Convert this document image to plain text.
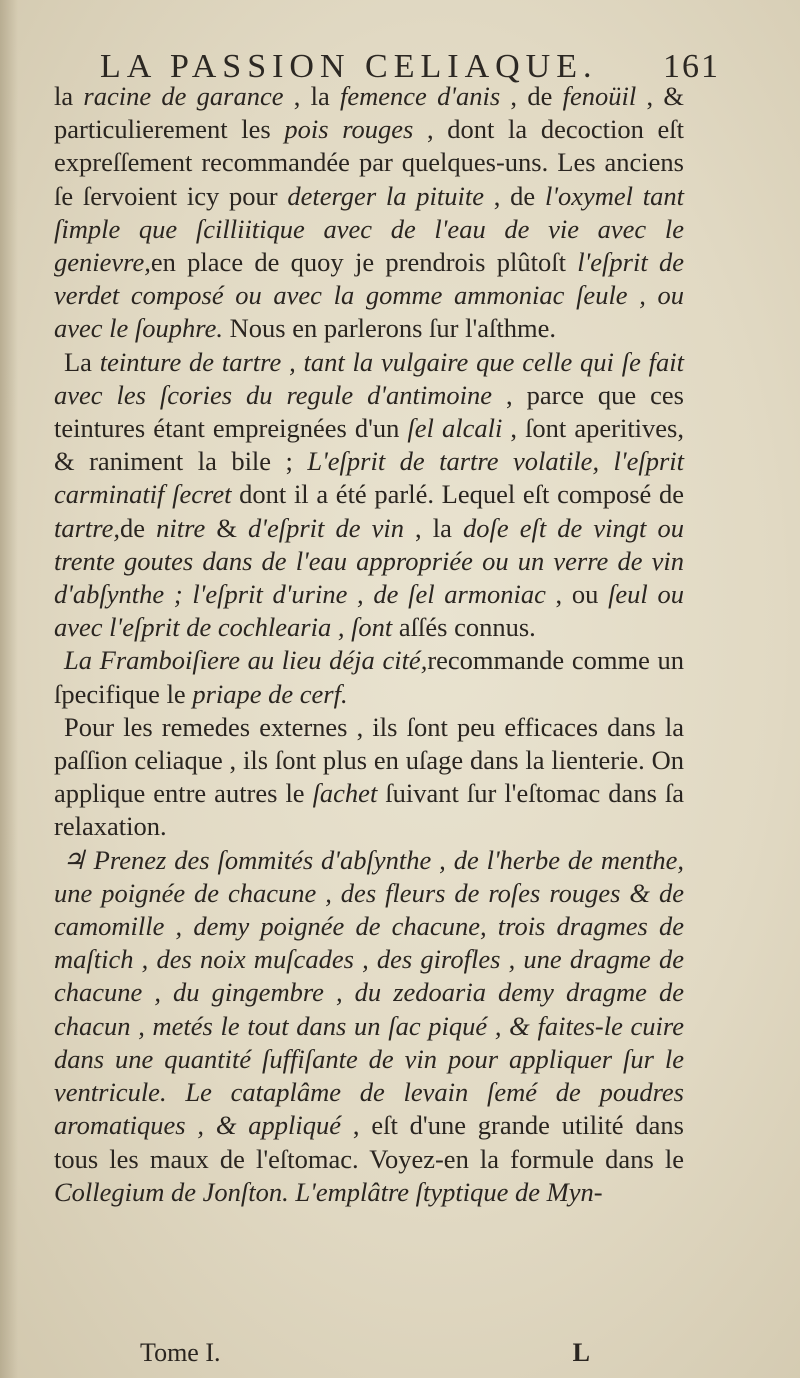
LA PASSION CELIAQUE. 161

la racine de garance , la femence d'anis , de fenoüil , & particulierement les pois rouges , dont la decoction eſt expreſſement recommandée par quelques-uns. Les anciens ſe ſervoient icy pour deterger la pituite , de l'oxymel tant ſimple que ſcilliitique avec de l'eau de vie avec le genievre,en place de quoy je prendrois plûtoſt l'eſprit de verdet composé ou avec la gomme ammoniac ſeule , ou avec le ſouphre. Nous en parlerons ſur l'aſthme.

La teinture de tartre , tant la vulgaire que celle qui ſe fait avec les ſcories du regule d'antimoine , parce que ces teintures étant empreignées d'un ſel alcali , ſont aperitives, & raniment la bile ; L'eſprit de tartre volatile, l'eſprit carminatif ſecret dont il a été parlé. Lequel eſt composé de tartre,de nitre & d'eſprit de vin , la doſe eſt de vingt ou trente goutes dans de l'eau appropriée ou un verre de vin d'abſynthe ; l'eſprit d'urine , de ſel armoniac , ou ſeul ou avec l'eſprit de cochlearia , ſont aſſés connus.

La Framboiſiere au lieu déja cité,recommande comme un ſpecifique le priape de cerf.

Pour les remedes externes , ils ſont peu efficaces dans la paſſion celiaque , ils ſont plus en uſage dans la lienterie. On applique entre autres le ſachet ſuivant ſur l'eſtomac dans ſa relaxation.

♃ Prenez des ſommités d'abſynthe , de l'herbe de menthe, une poignée de chacune , des fleurs de roſes rouges & de camomille , demy poignée de chacune, trois dragmes de maſtich , des noix muſcades , des girofles , une dragme de chacune , du gingembre , du zedoaria demy dragme de chacun , metés le tout dans un ſac piqué , & faites-le cuire dans une quantité ſuffiſante de vin pour appliquer ſur le ventricule. Le cataplâme de levain ſemé de poudres aromatiques , & appliqué , eſt d'une grande utilité dans tous les maux de l'eſtomac. Voyez-en la formule dans le Collegium de Jonſton. L'emplâtre ſtyptique de Myn-

Tome I.	L
